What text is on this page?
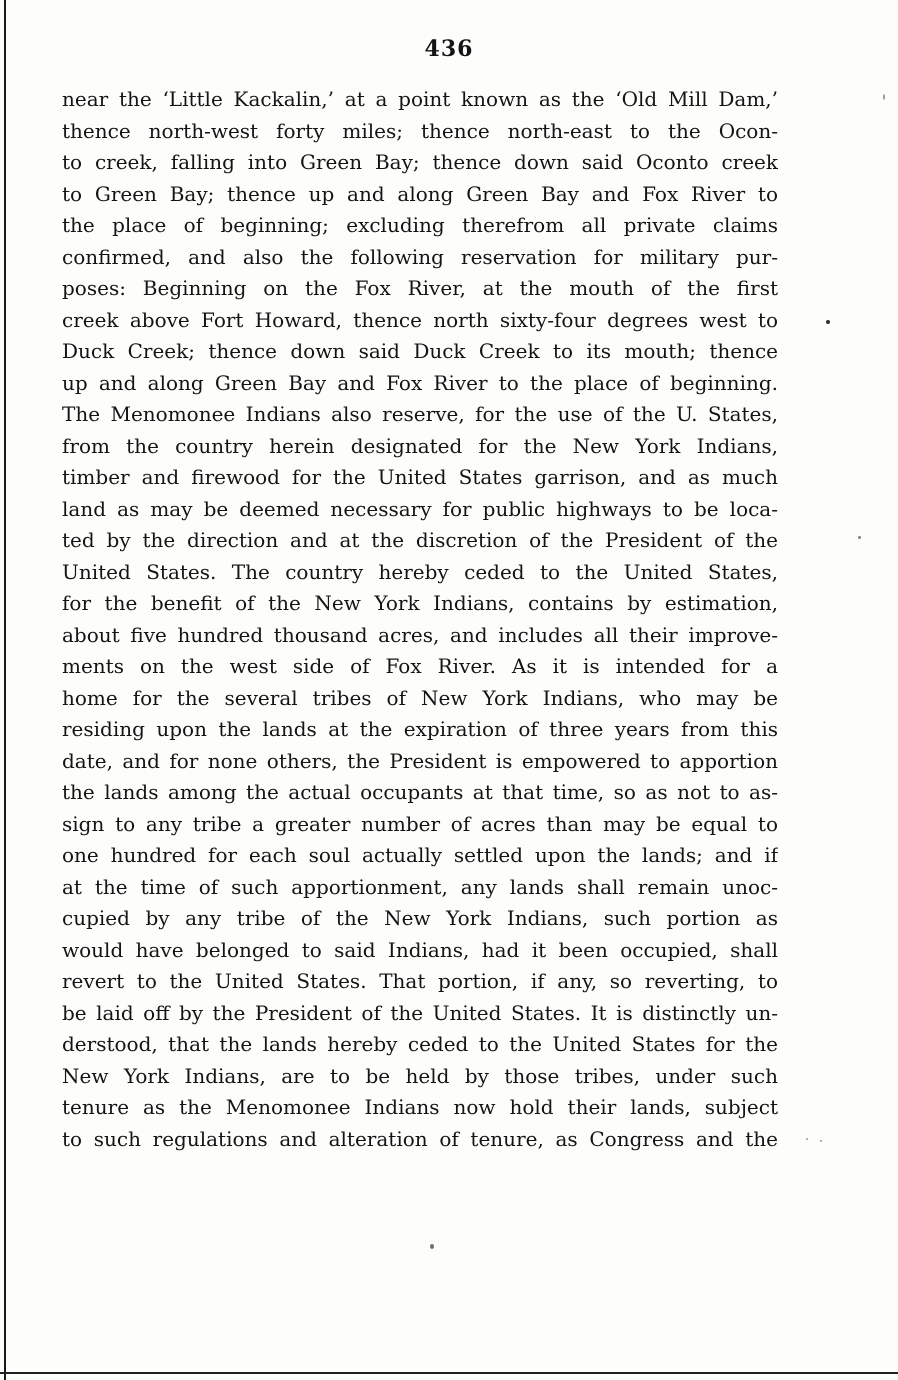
436
near the ‘Little Kackalin,’ at a point known as the ‘Old Mill Dam,’
thence north-west forty miles; thence north-east to the Ocon-
to creek, falling into Green Bay; thence down said Oconto creek
to Green Bay; thence up and along Green Bay and Fox River to
the place of beginning; excluding therefrom all private claims
confirmed, and also the following reservation for military pur-
poses: Beginning on the Fox River, at the mouth of the first
creek above Fort Howard, thence north sixty-four degrees west to
Duck Creek; thence down said Duck Creek to its mouth; thence
up and along Green Bay and Fox River to the place of beginning.
The Menomonee Indians also reserve, for the use of the U. States,
from the country herein designated for the New York Indians,
timber and firewood for the United States garrison, and as much
land as may be deemed necessary for public highways to be loca-
ted by the direction and at the discretion of the President of the
United States. The country hereby ceded to the United States,
for the benefit of the New York Indians, contains by estimation,
about five hundred thousand acres, and includes all their improve-
ments on the west side of Fox River. As it is intended for a
home for the several tribes of New York Indians, who may be
residing upon the lands at the expiration of three years from this
date, and for none others, the President is empowered to apportion
the lands among the actual occupants at that time, so as not to as-
sign to any tribe a greater number of acres than may be equal to
one hundred for each soul actually settled upon the lands; and if
at the time of such apportionment, any lands shall remain unoc-
cupied by any tribe of the New York Indians, such portion as
would have belonged to said Indians, had it been occupied, shall
revert to the United States. That portion, if any, so reverting, to
be laid off by the President of the United States. It is distinctly un-
derstood, that the lands hereby ceded to the United States for the
New York Indians, are to be held by those tribes, under such
tenure as the Menomonee Indians now hold their lands, subject
to such regulations and alteration of tenure, as Congress and the
